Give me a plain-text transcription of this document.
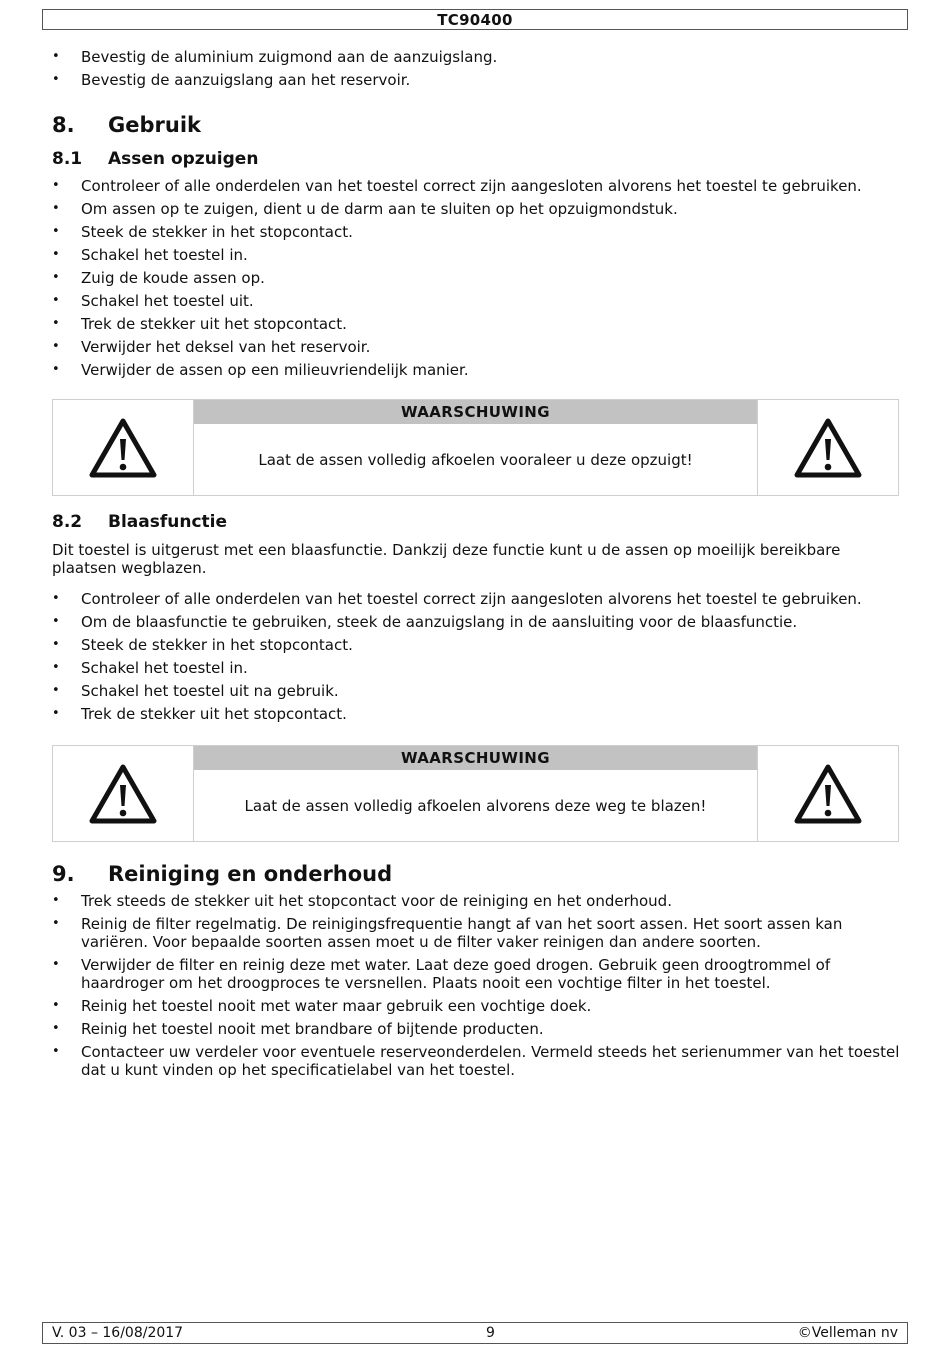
TC90400
• Bevestig de aluminium zuigmond aan de aanzuigslang.
• Bevestig de aanzuigslang aan het reservoir.
8.	Gebruik
8.1	Assen opzuigen
• Controleer of alle onderdelen van het toestel correct zijn aangesloten alvorens het toestel te gebruiken.
• Om assen op te zuigen, dient u de darm aan te sluiten op het opzuigmondstuk.
• Steek de stekker in het stopcontact.
• Schakel het toestel in.
• Zuig de koude assen op.
• Schakel het toestel uit.
• Trek de stekker uit het stopcontact.
• Verwijder het deksel van het reservoir.
• Verwijder de assen op een milieuvriendelijk manier.
WAARSCHUWING
Laat de assen volledig afkoelen vooraleer u deze opzuigt!
8.2	Blaasfunctie

Dit toestel is uitgerust met een blaasfunctie. Dankzij deze functie kunt u de assen op moeilijk bereikbare plaatsen wegblazen.

• Controleer of alle onderdelen van het toestel correct zijn aangesloten alvorens het toestel te gebruiken.
• Om de blaasfunctie te gebruiken, steek de aanzuigslang in de aansluiting voor de blaasfunctie.
• Steek de stekker in het stopcontact.
• Schakel het toestel in.
• Schakel het toestel uit na gebruik.
• Trek de stekker uit het stopcontact.
WAARSCHUWING
Laat de assen volledig afkoelen alvorens deze weg te blazen!
9.	Reiniging en onderhoud
• Trek steeds de stekker uit het stopcontact voor de reiniging en het onderhoud.
• Reinig de filter regelmatig. De reinigingsfrequentie hangt af van het soort assen. Het soort assen kan variëren. Voor bepaalde soorten assen moet u de filter vaker reinigen dan andere soorten.
• Verwijder de filter en reinig deze met water. Laat deze goed drogen. Gebruik geen droogtrommel of haardroger om het droogproces te versnellen. Plaats nooit een vochtige filter in het toestel.
• Reinig het toestel nooit met water maar gebruik een vochtige doek.
• Reinig het toestel nooit met brandbare of bijtende producten.
• Contacteer uw verdeler voor eventuele reserveonderdelen. Vermeld steeds het serienummer van het toestel dat u kunt vinden op het specificatielabel van het toestel.
V. 03 – 16/08/2017	9	©Velleman nv
